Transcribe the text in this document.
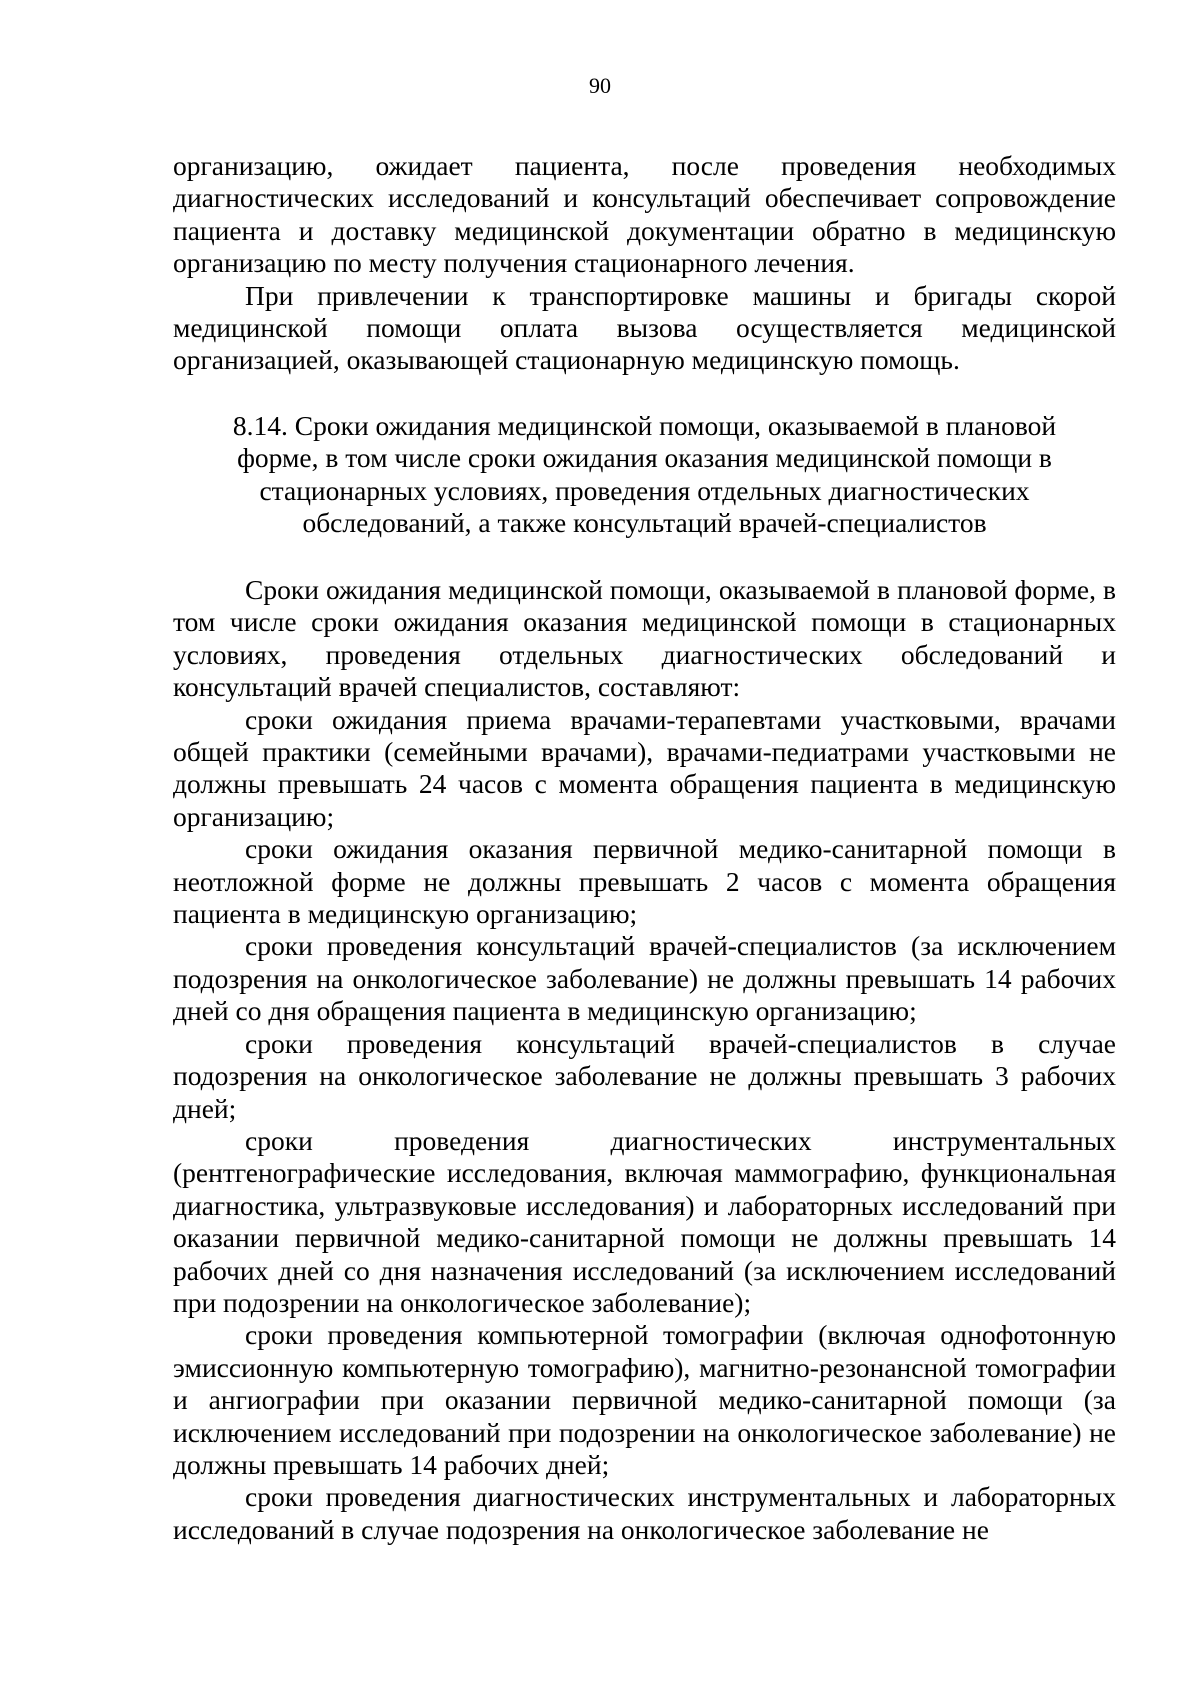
90

организацию, ожидает пациента, после проведения необходимых диагностических исследований и консультаций обеспечивает сопровождение пациента и доставку медицинской документации обратно в медицинскую организацию по месту получения стационарного лечения.

При привлечении к транспортировке машины и бригады скорой медицинской помощи оплата вызова осуществляется медицинской организацией, оказывающей стационарную медицинскую помощь.

8.14. Сроки ожидания медицинской помощи, оказываемой в плановой
форме, в том числе сроки ожидания оказания медицинской помощи в
стационарных условиях, проведения отдельных диагностических
обследований, а также консультаций врачей-специалистов

Сроки ожидания медицинской помощи, оказываемой в плановой форме, в том числе сроки ожидания оказания медицинской помощи в стационарных условиях, проведения отдельных диагностических обследований и консультаций врачей специалистов, составляют:

сроки ожидания приема врачами-терапевтами участковыми, врачами общей практики (семейными врачами), врачами-педиатрами участковыми не должны превышать 24 часов с момента обращения пациента в медицинскую организацию;

сроки ожидания оказания первичной медико-санитарной помощи в неотложной форме не должны превышать 2 часов с момента обращения пациента в медицинскую организацию;

сроки проведения консультаций врачей-специалистов (за исключением подозрения на онкологическое заболевание) не должны превышать 14 рабочих дней со дня обращения пациента в медицинскую организацию;

сроки проведения консультаций врачей-специалистов в случае подозрения на онкологическое заболевание не должны превышать 3 рабочих дней;

сроки проведения диагностических инструментальных (рентгенографические исследования, включая маммографию, функциональная диагностика, ультразвуковые исследования) и лабораторных исследований при оказании первичной медико-санитарной помощи не должны превышать 14 рабочих дней со дня назначения исследований (за исключением исследований при подозрении на онкологическое заболевание);

сроки проведения компьютерной томографии (включая однофотонную эмиссионную компьютерную томографию), магнитно-резонансной томографии и ангиографии при оказании первичной медико-санитарной помощи (за исключением исследований при подозрении на онкологическое заболевание) не должны превышать 14 рабочих дней;

сроки проведения диагностических инструментальных и лабораторных исследований в случае подозрения на онкологическое заболевание не
